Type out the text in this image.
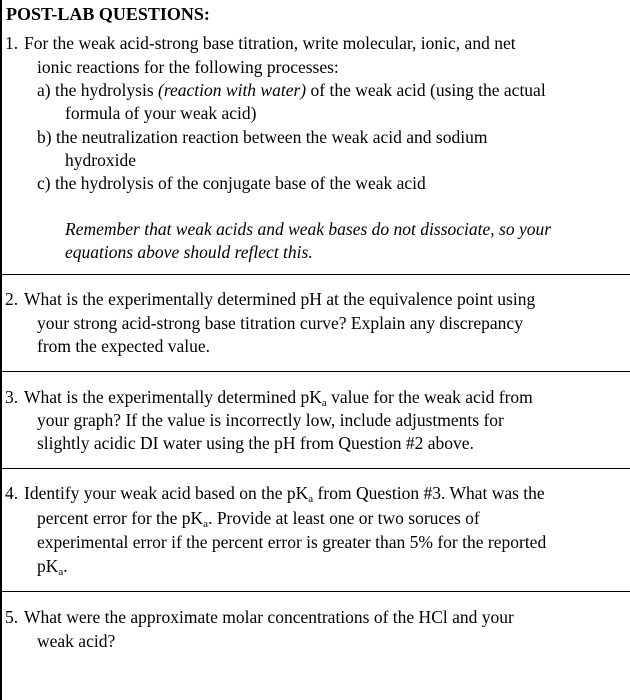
POST-LAB QUESTIONS:
1. For the weak acid-strong base titration, write molecular, ionic, and net
ionic reactions for the following processes:
a) the hydrolysis (reaction with water) of the weak acid (using the actual
formula of your weak acid)
b) the neutralization reaction between the weak acid and sodium
hydroxide
c) the hydrolysis of the conjugate base of the weak acid
Remember that weak acids and weak bases do not dissociate, so your
equations above should reflect this.
2. What is the experimentally determined pH at the equivalence point using
your strong acid-strong base titration curve? Explain any discrepancy
from the expected value.
3. What is the experimentally determined $pK_a$ value for the weak acid from
your graph? If the value is incorrectly low, include adjustments for
slightly acidic DI water using the pH from Question #2 above.
4. Identify your weak acid based on the $pK_a$ from Question #3. What was the
percent error for the $pK_a$. Provide at least one or two soruces of
experimental error if the percent error is greater than 5% for the reported
$pK_a$.
5. What were the approximate molar concentrations of the HCl and your
weak acid?
